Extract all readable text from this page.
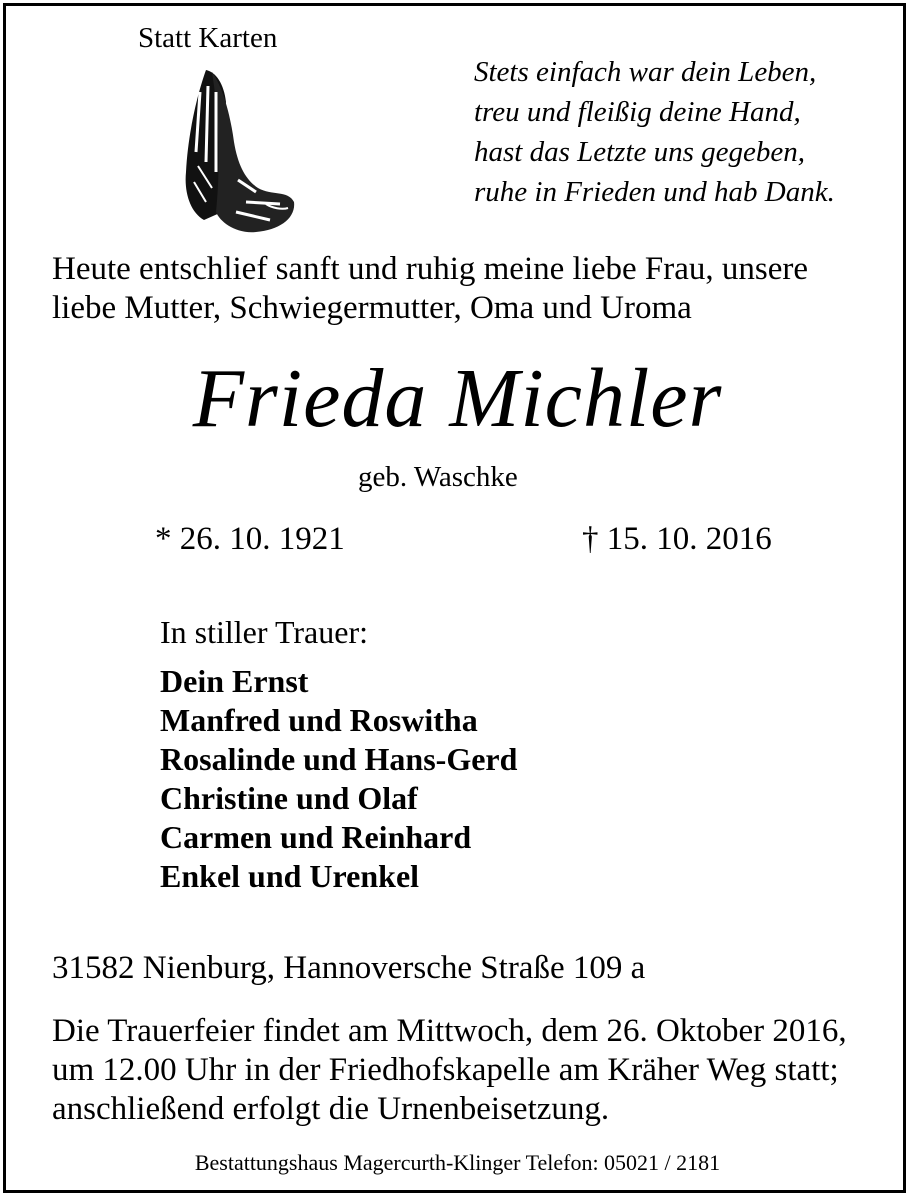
Statt Karten
Stets einfach war dein Leben,
treu und fleißig deine Hand,
hast das Letzte uns gegeben,
ruhe in Frieden und hab Dank.
Heute entschlief sanft und ruhig meine liebe Frau, unsere
liebe Mutter, Schwiegermutter, Oma und Uroma
Frieda Michler
geb. Waschke
* 26. 10. 1921	† 15. 10. 2016
In stiller Trauer:
Dein Ernst
Manfred und Roswitha
Rosalinde und Hans-Gerd
Christine und Olaf
Carmen und Reinhard
Enkel und Urenkel
31582 Nienburg, Hannoversche Straße 109 a
Die Trauerfeier findet am Mittwoch, dem 26. Oktober 2016,
um 12.00 Uhr in der Friedhofskapelle am Kräher Weg statt;
anschließend erfolgt die Urnenbeisetzung.
Bestattungshaus Magercurth-Klinger Telefon: 05021 / 2181
